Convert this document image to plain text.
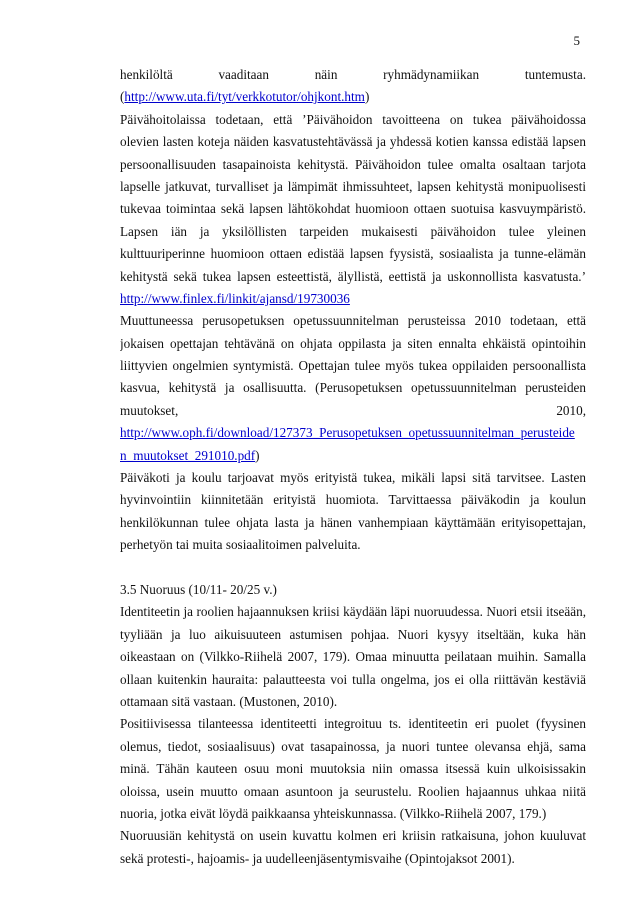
5
henkilöltä vaaditaan näin ryhmädynamiikan tuntemusta.
(http://www.uta.fi/tyt/verkkotutor/ohjkont.htm)
Päivähoitolaissa todetaan, että ’Päivähoidon tavoitteena on tukea päivähoidossa
olevien lasten koteja näiden kasvatustehtävässä ja yhdessä kotien kanssa edistää lapsen
persoonallisuuden tasapainoista kehitystä. Päivähoidon tulee omalta osaltaan tarjota
lapselle jatkuvat, turvalliset ja lämpimät ihmissuhteet, lapsen kehitystä monipuolisesti
tukevaa toimintaa sekä lapsen lähtökohdat huomioon ottaen suotuisa kasvuympäristö.
Lapsen iän ja yksilöllisten tarpeiden mukaisesti päivähoidon tulee yleinen
kulttuuriperinne huomioon ottaen edistää lapsen fyysistä, sosiaalista ja tunne-elämän
kehitystä sekä tukea lapsen esteettistä, älyllistä, eettistä ja uskonnollista kasvatusta.’
http://www.finlex.fi/linkit/ajansd/19730036
Muuttuneessa perusopetuksen opetussuunnitelman perusteissa 2010 todetaan, että
jokaisen opettajan tehtävänä on ohjata oppilasta ja siten ennalta ehkäistä opintoihin
liittyvien ongelmien syntymistä. Opettajan tulee myös tukea oppilaiden persoonallista
kasvua, kehitystä ja osallisuutta. (Perusopetuksen opetussuunnitelman perusteiden
muutokset, 2010,
http://www.oph.fi/download/127373_Perusopetuksen_opetussuunnitelman_perusteide
n_muutokset_291010.pdf)
Päiväkoti ja koulu tarjoavat myös erityistä tukea, mikäli lapsi sitä tarvitsee. Lasten
hyvinvointiin kiinnitetään erityistä huomiota. Tarvittaessa päiväkodin ja koulun
henkilökunnan tulee ohjata lasta ja hänen vanhempiaan käyttämään erityisopettajan,
perhetyön tai muita sosiaalitoimen palveluita.
3.5 Nuoruus (10/11- 20/25 v.)
Identiteetin ja roolien hajaannuksen kriisi käydään läpi nuoruudessa. Nuori etsii itseään,
tyyliään ja luo aikuisuuteen astumisen pohjaa. Nuori kysyy itseltään, kuka hän
oikeastaan on (Vilkko-Riihelä 2007, 179). Omaa minuutta peilataan muihin. Samalla
ollaan kuitenkin hauraita: palautteesta voi tulla ongelma, jos ei olla riittävän kestäviä
ottamaan sitä vastaan. (Mustonen, 2010).
Positiivisessa tilanteessa identiteetti integroituu ts. identiteetin eri puolet (fyysinen
olemus, tiedot, sosiaalisuus) ovat tasapainossa, ja nuori tuntee olevansa ehjä, sama
minä. Tähän kauteen osuu moni muutoksia niin omassa itsessä kuin ulkoisissakin
oloissa, usein muutto omaan asuntoon ja seurustelu. Roolien hajaannus uhkaa niitä
nuoria, jotka eivät löydä paikkaansa yhteiskunnassa. (Vilkko-Riihelä 2007, 179.)
Nuoruusiän kehitystä on usein kuvattu kolmen eri kriisin ratkaisuna, johon kuuluvat
sekä protesti-, hajoamis- ja uudelleenjäsentymisvaihe (Opintojaksot 2001).
